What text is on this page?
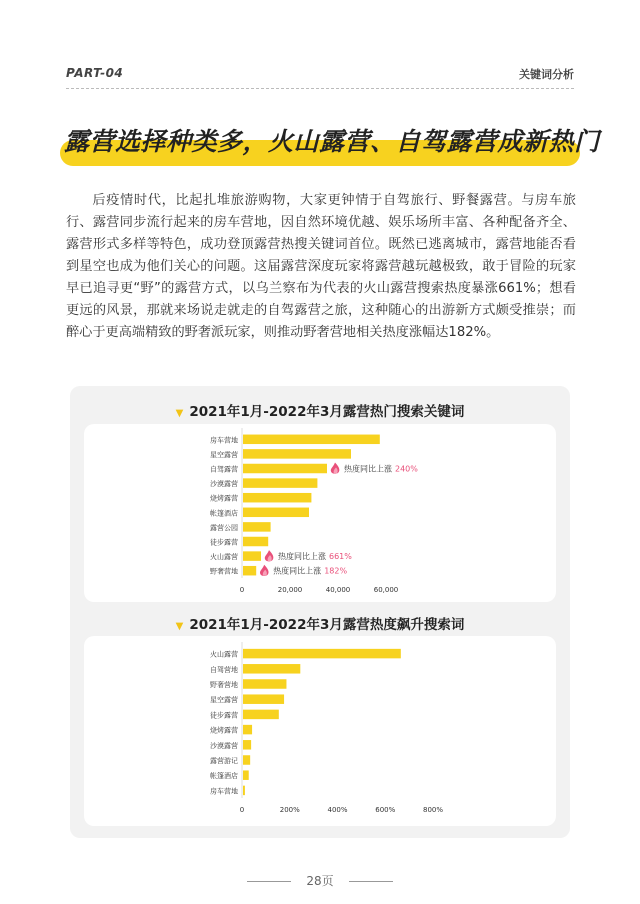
PART-04	关键词分析
露营选择种类多，火山露营、自驾露营成新热门

后疫情时代，比起扎堆旅游购物，大家更钟情于自驾旅行、野餐露营。与房车旅行、露营同步流行起来的房车营地，因自然环境优越、娱乐场所丰富、各种配备齐全、露营形式多样等特色，成功登顶露营热搜关键词首位。既然已逃离城市，露营地能否看到星空也成为他们关心的问题。这届露营深度玩家将露营越玩越极致，敢于冒险的玩家早已追寻更“野”的露营方式，以乌兰察布为代表的火山露营搜索热度暴涨661%；想看更远的风景，那就来场说走就走的自驾露营之旅，这种随心的出游新方式颇受推崇；而醉心于更高端精致的野奢派玩家，则推动野奢营地相关热度涨幅达182%。

▼ 2021年1月-2022年3月露营热门搜索关键词
房车营地
星空露营
自驾露营
沙漠露营
烧烤露营
帐篷酒店
露营公园
徒步露营
火山露营
野奢营地
0	20,000	40,000	60,000
热度同比上涨 240%
热度同比上涨 661%
热度同比上涨 182%
▼ 2021年1月-2022年3月露营热度飙升搜索词
火山露营
自驾营地
野奢营地
星空露营
徒步露营
烧烤露营
沙漠露营
露营游记
帐篷酒店
房车营地
0	200%	400%	600%	800%
28页
